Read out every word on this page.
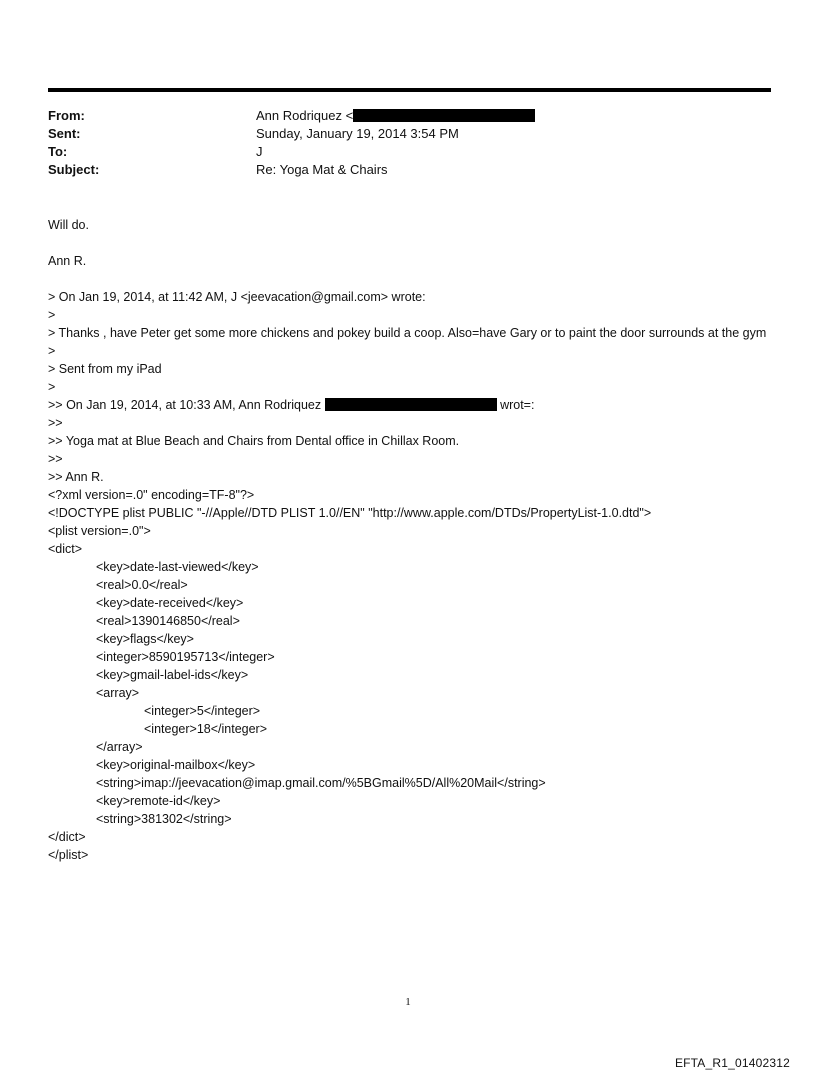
From:	Ann Rodriquez <
Sent:	Sunday, January 19, 2014 3:54 PM
To:	J
Subject:	Re: Yoga Mat & Chairs
Will do.
Ann R.
> On Jan 19, 2014, at 11:42 AM, J <jeevacation@gmail.com> wrote:
>
> Thanks , have Peter get some more chickens and pokey build a coop. Also=have Gary or to paint the door surrounds at the gym
>
> Sent from my iPad
>
>> On Jan 19, 2014, at 10:33 AM, Ann Rodriquez	wrot=:
>>
>> Yoga mat at Blue Beach and Chairs from Dental office in Chillax Room.
>>
>> Ann R.
<?xml version=.0" encoding=TF-8"?>
<!DOCTYPE plist PUBLIC "-//Apple//DTD PLIST 1.0//EN" "http://www.apple.com/DTDs/PropertyList-1.0.dtd">
<plist version=.0">
<dict>
<key>date-last-viewed</key>
<real>0.0</real>
<key>date-received</key>
<real>1390146850</real>
<key>flags</key>
<integer>8590195713</integer>
<key>gmail-label-ids</key>
<array>
<integer>5</integer>
<integer>18</integer>
</array>
<key>original-mailbox</key>
<string>imap://jeevacation@imap.gmail.com/%5BGmail%5D/All%20Mail</string>
<key>remote-id</key>
<string>381302</string>
</dict>
</plist>
1
EFTA_R1_01402312
